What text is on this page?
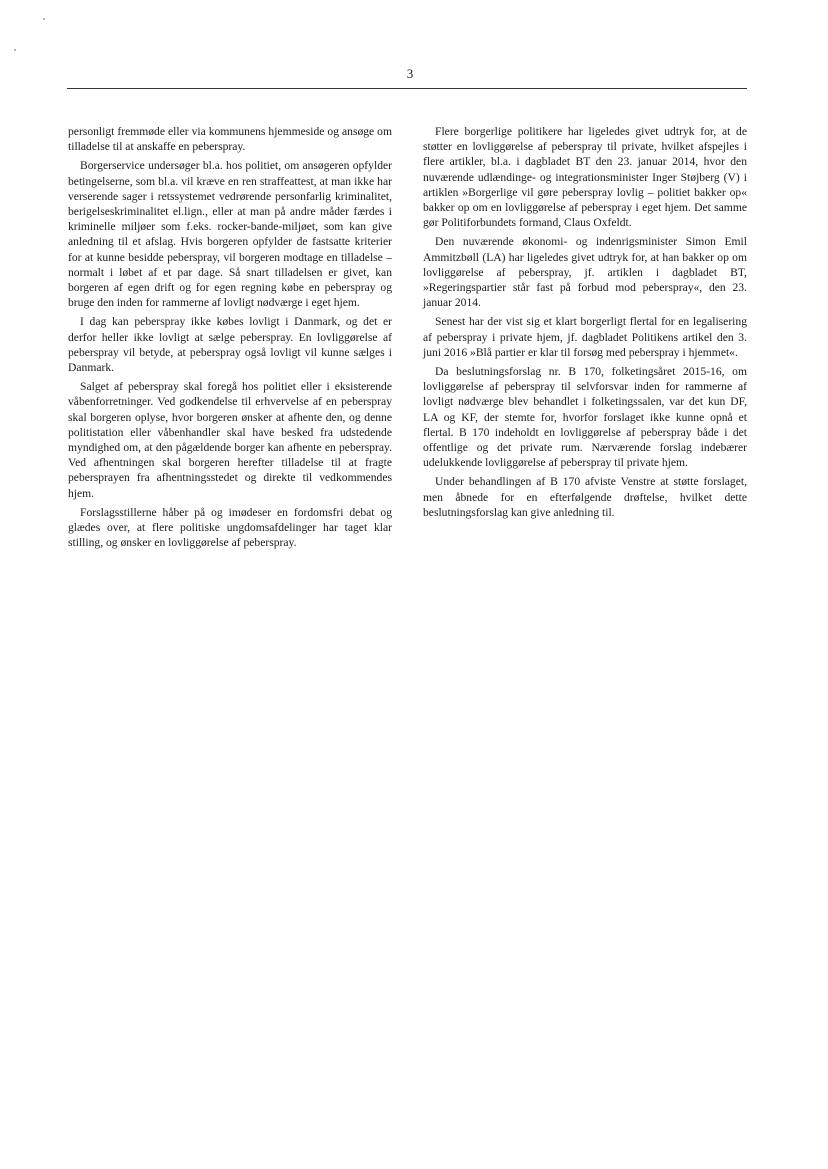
3

personligt fremmøde eller via kommunens hjemmeside og ansøge om tilladelse til at anskaffe en peberspray.

Borgerservice undersøger bl.a. hos politiet, om ansøgeren opfylder betingelserne, som bl.a. vil kræve en ren straffeattest, at man ikke har verserende sager i retssystemet vedrørende personfarlig kriminalitet, berigelseskriminalitet el.lign., eller at man på andre måder færdes i kriminelle miljøer som f.eks. rocker-bande-miljøet, som kan give anledning til et afslag. Hvis borgeren opfylder de fastsatte kriterier for at kunne besidde peberspray, vil borgeren modtage en tilladelse – normalt i løbet af et par dage. Så snart tilladelsen er givet, kan borgeren af egen drift og for egen regning købe en peberspray og bruge den inden for rammerne af lovligt nødværge i eget hjem.

I dag kan peberspray ikke købes lovligt i Danmark, og det er derfor heller ikke lovligt at sælge peberspray. En lovliggørelse af peberspray vil betyde, at peberspray også lovligt vil kunne sælges i Danmark.

Salget af peberspray skal foregå hos politiet eller i eksisterende våbenforretninger. Ved godkendelse til erhvervelse af en peberspray skal borgeren oplyse, hvor borgeren ønsker at afhente den, og denne politistation eller våbenhandler skal have besked fra udstedende myndighed om, at den pågældende borger kan afhente en peberspray. Ved afhentningen skal borgeren herefter tilladelse til at fragte pebersprayen fra afhentningsstedet og direkte til vedkommendes hjem.

Forslagsstillerne håber på og imødeser en fordomsfri debat og glædes over, at flere politiske ungdomsafdelinger har taget klar stilling, og ønsker en lovliggørelse af peberspray.

Flere borgerlige politikere har ligeledes givet udtryk for, at de støtter en lovliggørelse af peberspray til private, hvilket afspejles i flere artikler, bl.a. i dagbladet BT den 23. januar 2014, hvor den nuværende udlændinge- og integrationsminister Inger Støjberg (V) i artiklen »Borgerlige vil gøre peberspray lovlig – politiet bakker op« bakker op om en lovliggørelse af peberspray i eget hjem. Det samme gør Politiforbundets formand, Claus Oxfeldt.

Den nuværende økonomi- og indenrigsminister Simon Emil Ammitzbøll (LA) har ligeledes givet udtryk for, at han bakker op om lovliggørelse af peberspray, jf. artiklen i dagbladet BT, »Regeringspartier står fast på forbud mod peberspray«, den 23. januar 2014.

Senest har der vist sig et klart borgerligt flertal for en legalisering af peberspray i private hjem, jf. dagbladet Politikens artikel den 3. juni 2016 »Blå partier er klar til forsøg med peberspray i hjemmet«.

Da beslutningsforslag nr. B 170, folketingsåret 2015-16, om lovliggørelse af peberspray til selvforsvar inden for rammerne af lovligt nødværge blev behandlet i folketingssalen, var det kun DF, LA og KF, der stemte for, hvorfor forslaget ikke kunne opnå et flertal. B 170 indeholdt en lovliggørelse af peberspray både i det offentlige og det private rum. Nærværende forslag indebærer udelukkende lovliggørelse af peberspray til private hjem.

Under behandlingen af B 170 afviste Venstre at støtte forslaget, men åbnede for en efterfølgende drøftelse, hvilket dette beslutningsforslag kan give anledning til.
